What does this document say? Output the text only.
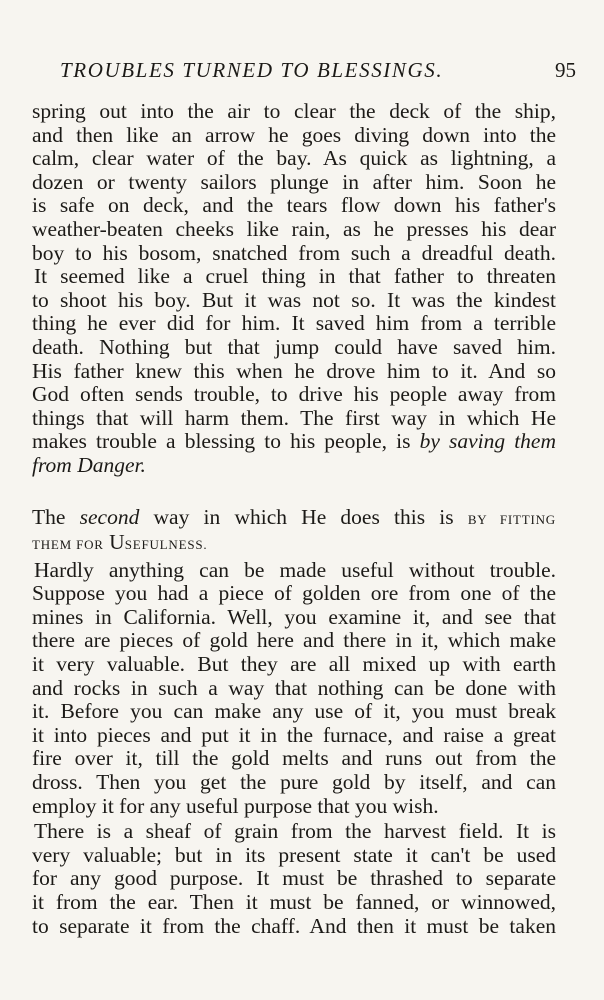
TROUBLES TURNED TO BLESSINGS.	95

spring out into the air to clear the deck of the ship,
and then like an arrow he goes diving down into the
calm, clear water of the bay. As quick as lightning, a
dozen or twenty sailors plunge in after him. Soon he
is safe on deck, and the tears flow down his father's
weather-beaten cheeks like rain, as he presses his dear
boy to his bosom, snatched from such a dreadful death.

It seemed like a cruel thing in that father to threaten
to shoot his boy. But it was not so. It was the kindest
thing he ever did for him. It saved him from a terrible
death. Nothing but that jump could have saved him.
His father knew this when he drove him to it. And so
God often sends trouble, to drive his people away from
things that will harm them. The first way in which He
makes trouble a blessing to his people, is by saving them
from Danger.

The second way in which He does this is BY FITTING
THEM FOR USEFULNESS.

Hardly anything can be made useful without trouble.
Suppose you had a piece of golden ore from one of the
mines in California. Well, you examine it, and see that
there are pieces of gold here and there in it, which make
it very valuable. But they are all mixed up with earth
and rocks in such a way that nothing can be done with
it. Before you can make any use of it, you must break
it into pieces and put it in the furnace, and raise a great
fire over it, till the gold melts and runs out from the
dross. Then you get the pure gold by itself, and can
employ it for any useful purpose that you wish.

There is a sheaf of grain from the harvest field. It is
very valuable; but in its present state it can't be used
for any good purpose. It must be thrashed to separate
it from the ear. Then it must be fanned, or winnowed,
to separate it from the chaff. And then it must be taken
